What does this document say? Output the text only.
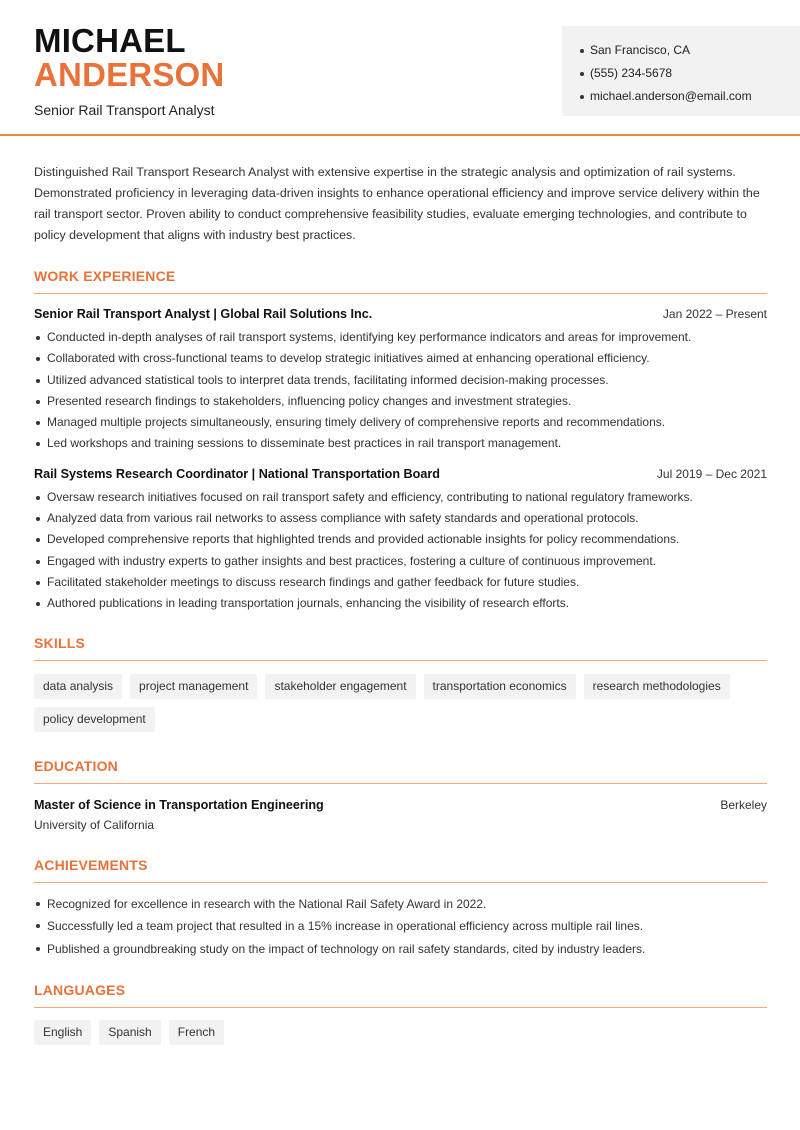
MICHAEL
ANDERSON
Senior Rail Transport Analyst
San Francisco, CA
(555) 234-5678
michael.anderson@email.com

Distinguished Rail Transport Research Analyst with extensive expertise in the strategic analysis and optimization of rail systems. Demonstrated proficiency in leveraging data-driven insights to enhance operational efficiency and improve service delivery within the rail transport sector. Proven ability to conduct comprehensive feasibility studies, evaluate emerging technologies, and contribute to policy development that aligns with industry best practices.

WORK EXPERIENCE
Senior Rail Transport Analyst | Global Rail Solutions Inc.	Jan 2022 – Present
Conducted in-depth analyses of rail transport systems, identifying key performance indicators and areas for improvement.
Collaborated with cross-functional teams to develop strategic initiatives aimed at enhancing operational efficiency.
Utilized advanced statistical tools to interpret data trends, facilitating informed decision-making processes.
Presented research findings to stakeholders, influencing policy changes and investment strategies.
Managed multiple projects simultaneously, ensuring timely delivery of comprehensive reports and recommendations.
Led workshops and training sessions to disseminate best practices in rail transport management.
Rail Systems Research Coordinator | National Transportation Board	Jul 2019 – Dec 2021
Oversaw research initiatives focused on rail transport safety and efficiency, contributing to national regulatory frameworks.
Analyzed data from various rail networks to assess compliance with safety standards and operational protocols.
Developed comprehensive reports that highlighted trends and provided actionable insights for policy recommendations.
Engaged with industry experts to gather insights and best practices, fostering a culture of continuous improvement.
Facilitated stakeholder meetings to discuss research findings and gather feedback for future studies.
Authored publications in leading transportation journals, enhancing the visibility of research efforts.
SKILLS
data analysis	project management	stakeholder engagement	transportation economics	research methodologies
policy development
EDUCATION
Master of Science in Transportation Engineering	Berkeley
University of California
ACHIEVEMENTS
Recognized for excellence in research with the National Rail Safety Award in 2022.
Successfully led a team project that resulted in a 15% increase in operational efficiency across multiple rail lines.
Published a groundbreaking study on the impact of technology on rail safety standards, cited by industry leaders.
LANGUAGES
English	Spanish	French
